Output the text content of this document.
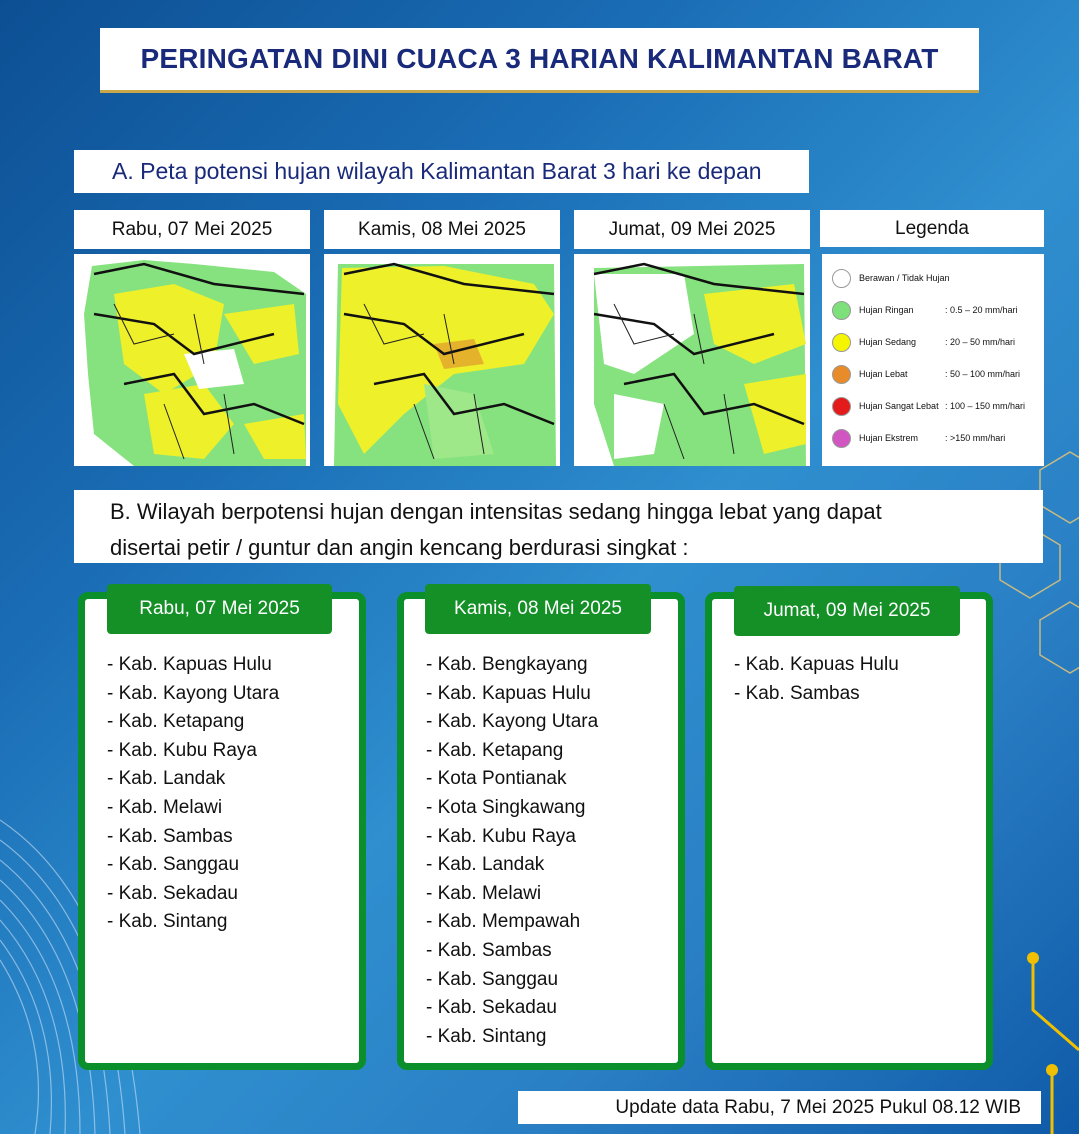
PERINGATAN DINI CUACA 3 HARIAN KALIMANTAN BARAT
A. Peta potensi hujan wilayah Kalimantan Barat 3 hari ke depan
Rabu, 07 Mei 2025	Kamis, 08 Mei 2025	Jumat, 09 Mei 2025	Legenda
Berawan / Tidak Hujan
Hujan Ringan	: 0.5 – 20 mm/hari
Hujan Sedang	: 20 – 50 mm/hari
Hujan Lebat	: 50 – 100 mm/hari
Hujan Sangat Lebat : 100 – 150 mm/hari
Hujan Ekstrem	: >150 mm/hari
B. Wilayah berpotensi hujan dengan intensitas sedang hingga lebat yang dapat
disertai petir / guntur dan angin kencang berdurasi singkat :
- Kab. Kapuas Hulu
- Kab. Kayong Utara
- Kab. Ketapang
- Kab. Kubu Raya
- Kab. Landak
- Kab. Melawi
- Kab. Sambas
- Kab. Sanggau
- Kab. Sekadau
- Kab. Sintang
Rabu, 07 Mei 2025
- Kab. Bengkayang
- Kab. Kapuas Hulu
- Kab. Kayong Utara
- Kab. Ketapang
- Kota Pontianak
- Kota Singkawang
- Kab. Kubu Raya
- Kab. Landak
- Kab. Melawi
- Kab. Mempawah
- Kab. Sambas
- Kab. Sanggau
- Kab. Sekadau
- Kab. Sintang
Kamis, 08 Mei 2025
- Kab. Kapuas Hulu
- Kab. Sambas
Jumat, 09 Mei 2025
Update data Rabu, 7 Mei 2025 Pukul 08.12 WIB
